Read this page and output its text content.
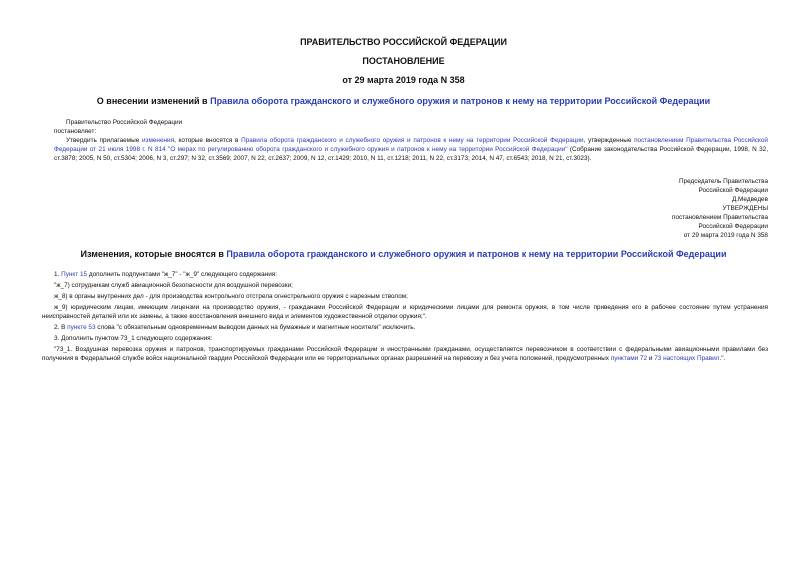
ПРАВИТЕЛЬСТВО РОССИЙСКОЙ ФЕДЕРАЦИИ
ПОСТАНОВЛЕНИЕ
от 29 марта 2019 года N 358
О внесении изменений в Правила оборота гражданского и служебного оружия и патронов к нему на территории Российской Федерации
Правительство Российской Федерации
постановляет:
Утвердить прилагаемые изменения, которые вносятся в Правила оборота гражданского и служебного оружия и патронов к нему на территории Российской Федерации, утвержденные постановлением Правительства Российской Федерации от 21 июля 1998 г. N 814 "О мерах по регулированию оборота гражданского и служебного оружия и патронов к нему на территории Российской Федерации" (Собрание законодательства Российской Федерации, 1998, N 32, ст.3878; 2005, N 50, ст.5304; 2006, N 3, ст.297; N 32, ст.3569; 2007, N 22, ст.2637; 2009, N 12, ст.1429; 2010, N 11, ст.1218; 2011, N 22, ст.3173; 2014, N 47, ст.6543; 2018, N 21, ст.3023).
Председатель Правительства
Российской Федерации
Д.Медведев
УТВЕРЖДЕНЫ
постановлением Правительства
Российской Федерации
от 29 марта 2019 года N 358
Изменения, которые вносятся в Правила оборота гражданского и служебного оружия и патронов к нему на территории Российской Федерации
1. Пункт 15 дополнить подпунктами "ж_7" - "ж_9" следующего содержания:
"ж_7) сотрудникам служб авиационной безопасности для воздушной перевозки;
ж_8) в органы внутренних дел - для производства контрольного отстрела огнестрельного оружия с нарезным стволом;
ж_9) юридическим лицам, имеющим лицензии на производство оружия, - гражданами Российской Федерации и юридическими лицами для ремонта оружия, в том числе приведения его в рабочее состояние путем устранения неисправностей деталей или их замены, а также восстановления внешнего вида и элементов художественной отделки оружия;".
2. В пункте 53 слова "с обязательным одновременным выводом данных на бумажные и магнитные носители" исключить.
3. Дополнить пунктом 73_1 следующего содержания:
"73_1. Воздушная перевозка оружия и патронов, транспортируемых гражданами Российской Федерации и иностранными гражданами, осуществляется перевозчиком в соответствии с федеральными авиационными правилами без получения в Федеральной службе войск национальной гвардии Российской Федерации или ее территориальных органах разрешений на перевозку и без учета положений, предусмотренных пунктами 72 и 73 настоящих Правил.".
